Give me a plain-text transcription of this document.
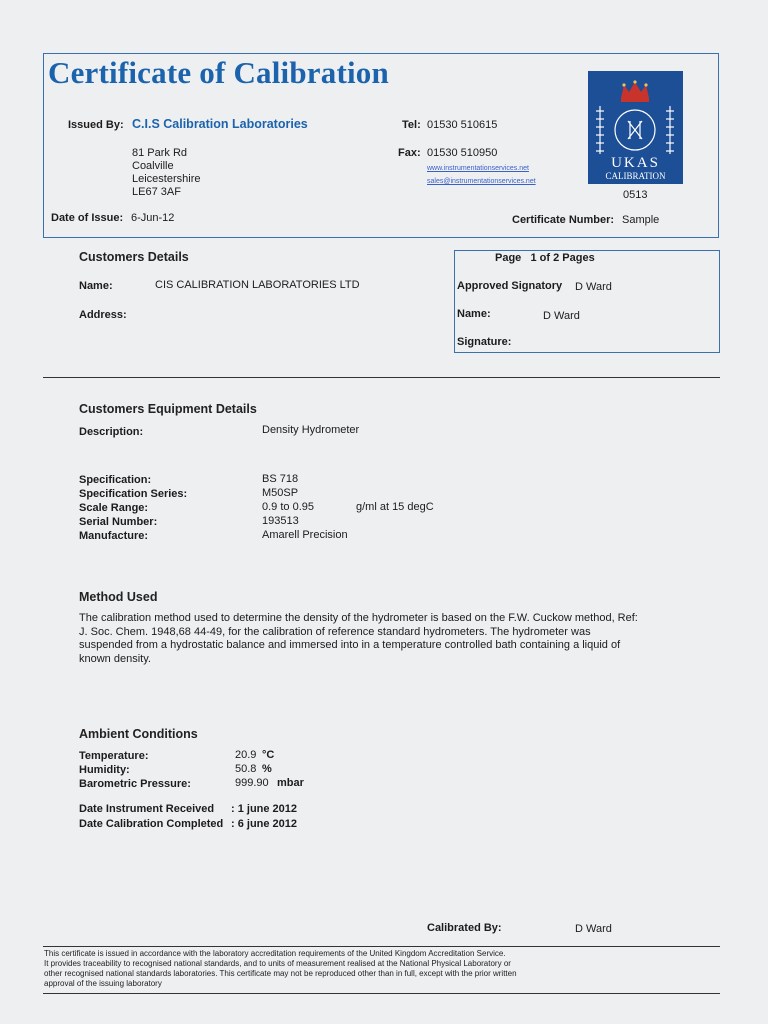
Certificate of Calibration
Issued By: C.I.S Calibration Laboratories
81 Park Rd
Coalville
Leicestershire
LE67 3AF
Tel: 01530 510615
Fax: 01530 510950
www.instrumentationservices.net
sales@instrumentationservices.net
Date of Issue: 6-Jun-12	Certificate Number: Sample
UKAS
CALIBRATION
0513
Customers Details
Name:	CIS CALIBRATION LABORATORIES LTD
Address:
Page 1 of 2 Pages
Approved Signatory D Ward
Name:	D Ward
Signature:
Customers Equipment Details
Description:	Density Hydrometer
Specification:	BS 718
Specification Series:	M50SP
Scale Range:	0.9 to 0.95	g/ml at 15 degC
Serial Number:	193513
Manufacture:	Amarell Precision
Method Used
The calibration method used to determine the density of the hydrometer is based on the F.W. Cuckow method, Ref: J. Soc. Chem. 1948,68 44-49, for the calibration of reference standard hydrometers. The hydrometer was suspended from a hydrostatic balance and immersed into in a temperature controlled bath containing a liquid of known density.
Ambient Conditions
Temperature:	20.9 °C
Humidity:	50.8 %
Barometric Pressure:	999.90 mbar
Date Instrument Received : 1 june 2012
Date Calibration Completed : 6 june 2012
Calibrated By:	D Ward
This certificate is issued in accordance with the laboratory accreditation requirements of the United Kingdom Accreditation Service.
It provides traceability to recognised national standards, and to units of measurement realised at the National Physical Laboratory or
other recognised national standards laboratories. This certificate may not be reproduced other than in full, except with the prior written
approval of the issuing laboratory
